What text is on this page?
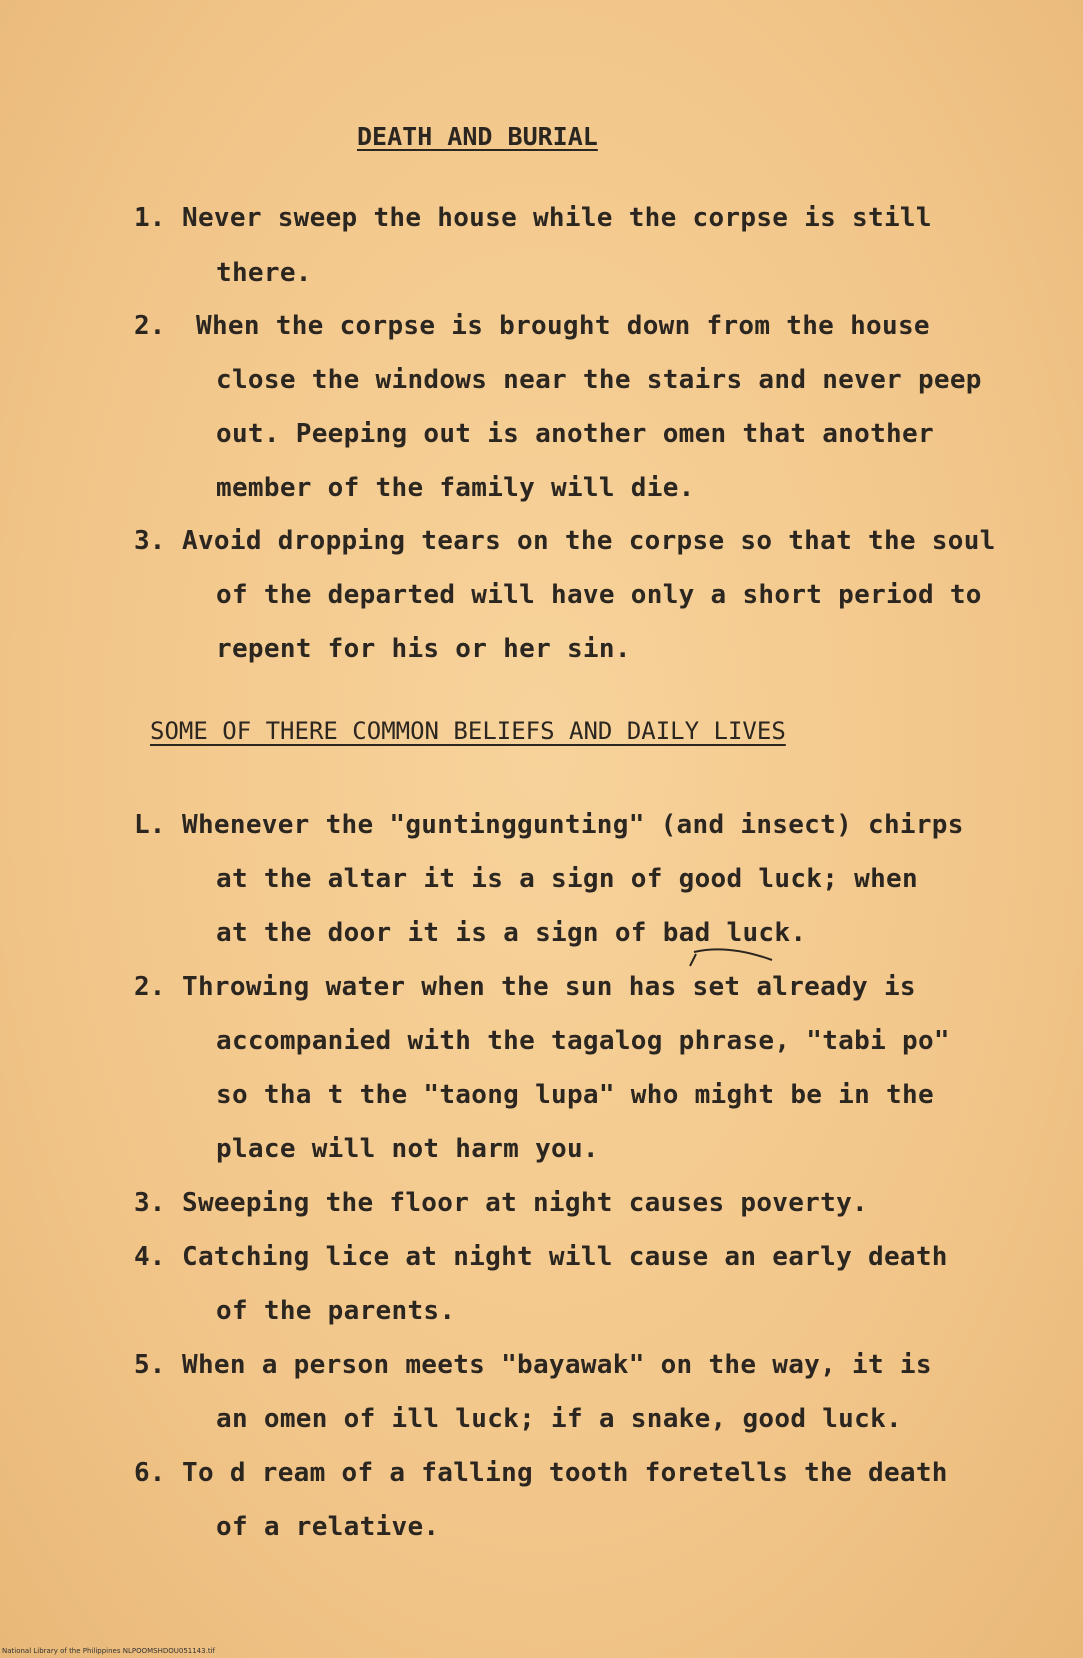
DEATH AND BURIAL
1. Never sweep the house while the corpse is still
there.
2. When the corpse is brought down from the house
close the windows near the stairs and never peep
out. Peeping out is another omen that another
member of the family will die.
3. Avoid dropping tears on the corpse so that the soul
of the departed will have only a short period to
repent for his or her sin.
SOME OF THERE COMMON BELIEFS AND DAILY LIVES
L. Whenever the "guntinggunting" (and insect) chirps
at the altar it is a sign of good luck; when
at the door it is a sign of bad luck.
2. Throwing water when the sun has set already is
accompanied with the tagalog phrase, "tabi po"
so tha t the "taong lupa" who might be in the
place will not harm you.
3. Sweeping the floor at night causes poverty.
4. Catching lice at night will cause an early death
of the parents.
5. When a person meets "bayawak" on the way, it is
an omen of ill luck; if a snake, good luck.
6. To d ream of a falling tooth foretells the death
of a relative.
National Library of the Philippines NLPOOMSHDOU051143.tif
